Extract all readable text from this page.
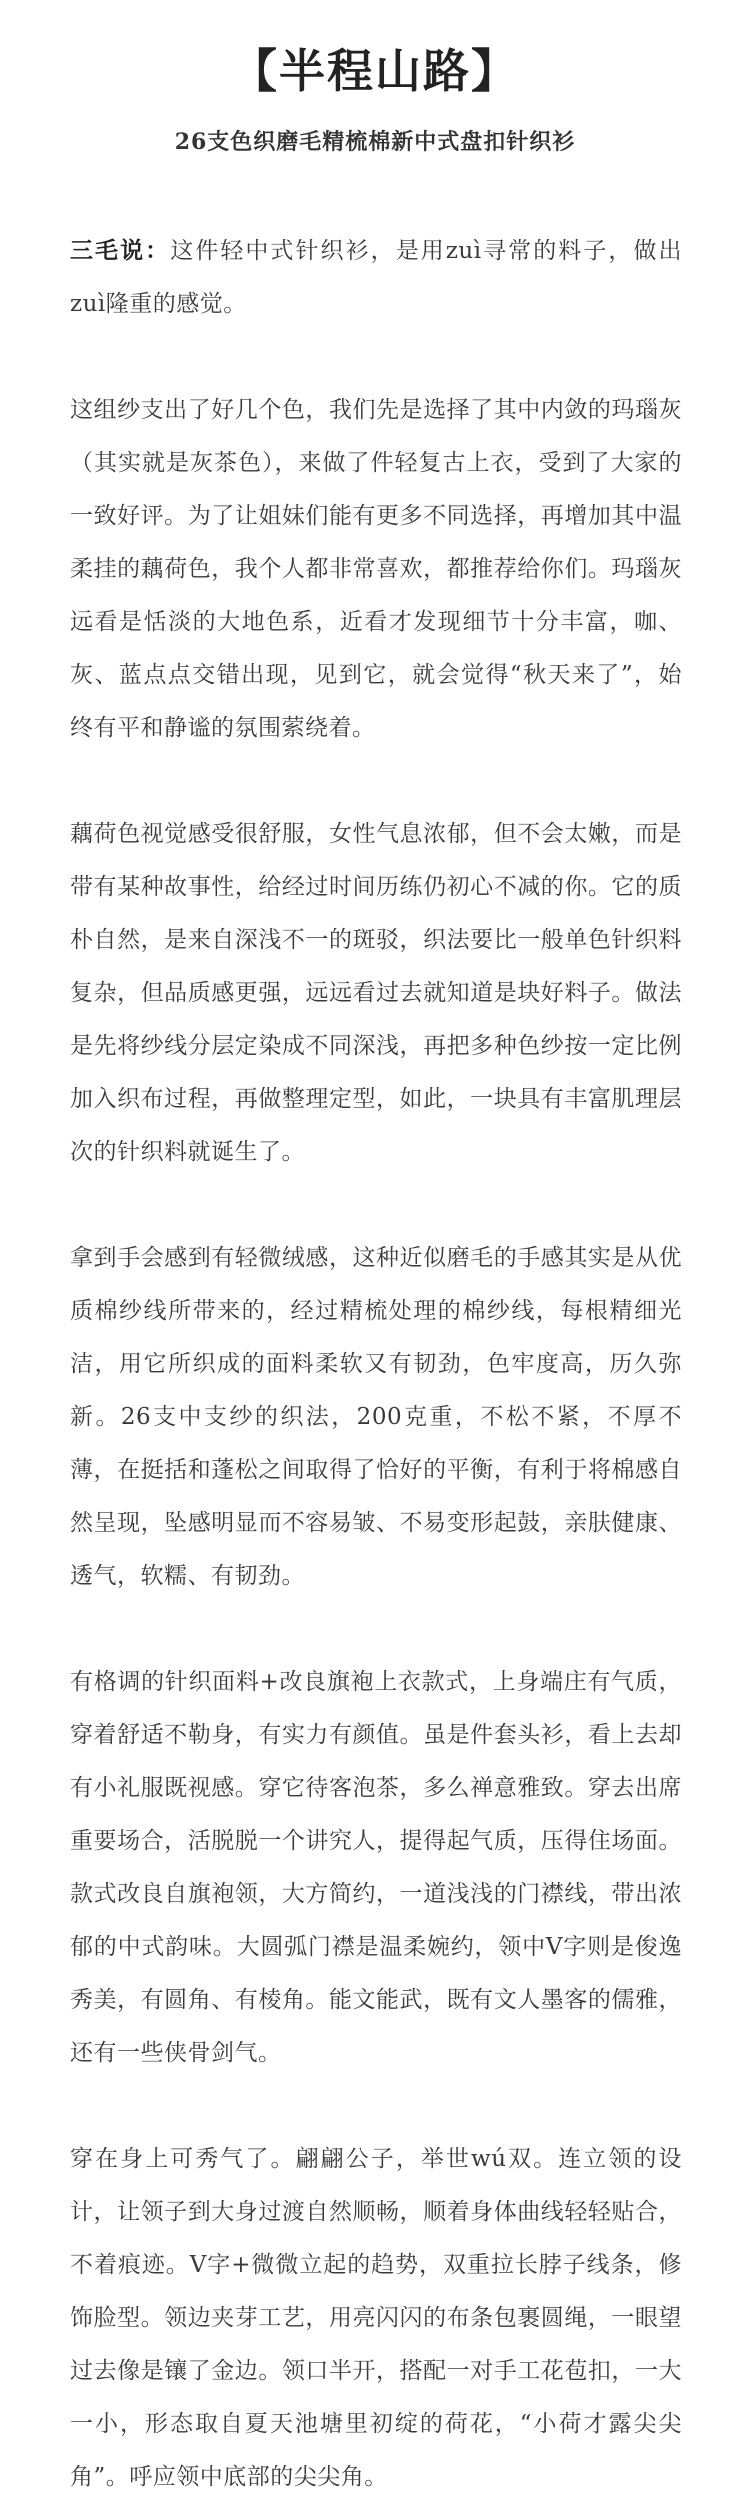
【半程山路】
26支色织磨毛精梳棉新中式盘扣针织衫

三毛说：这件轻中式针织衫，是用zuì寻常的料子，做出zuì隆重的感觉。

这组纱支出了好几个色，我们先是选择了其中内敛的玛瑙灰（其实就是灰茶色），来做了件轻复古上衣，受到了大家的一致好评。为了让姐妹们能有更多不同选择，再增加其中温柔挂的藕荷色，我个人都非常喜欢，都推荐给你们。玛瑙灰远看是恬淡的大地色系，近看才发现细节十分丰富，咖、灰、蓝点点交错出现，见到它，就会觉得“秋天来了”，始终有平和静谧的氛围萦绕着。

藕荷色视觉感受很舒服，女性气息浓郁，但不会太嫩，而是带有某种故事性，给经过时间历练仍初心不减的你。它的质朴自然，是来自深浅不一的斑驳，织法要比一般单色针织料复杂，但品质感更强，远远看过去就知道是块好料子。做法是先将纱线分层定染成不同深浅，再把多种色纱按一定比例加入织布过程，再做整理定型，如此，一块具有丰富肌理层次的针织料就诞生了。

拿到手会感到有轻微绒感，这种近似磨毛的手感其实是从优质棉纱线所带来的，经过精梳处理的棉纱线，每根精细光洁，用它所织成的面料柔软又有韧劲，色牢度高，历久弥新。26支中支纱的织法，200克重，不松不紧，不厚不薄，在挺括和蓬松之间取得了恰好的平衡，有利于将棉感自然呈现，坠感明显而不容易皱、不易变形起鼓，亲肤健康、透气，软糯、有韧劲。

有格调的针织面料+改良旗袍上衣款式，上身端庄有气质，穿着舒适不勒身，有实力有颜值。虽是件套头衫，看上去却有小礼服既视感。穿它待客泡茶，多么禅意雅致。穿去出席重要场合，活脱脱一个讲究人，提得起气质，压得住场面。款式改良自旗袍领，大方简约，一道浅浅的门襟线，带出浓郁的中式韵味。大圆弧门襟是温柔婉约，领中V字则是俊逸秀美，有圆角、有棱角。能文能武，既有文人墨客的儒雅，还有一些侠骨剑气。

穿在身上可秀气了。翩翩公子，举世wú双。连立领的设计，让领子到大身过渡自然顺畅，顺着身体曲线轻轻贴合，不着痕迹。V字+微微立起的趋势，双重拉长脖子线条，修饰脸型。领边夹芽工艺，用亮闪闪的布条包裹圆绳，一眼望过去像是镶了金边。领口半开，搭配一对手工花苞扣，一大一小，形态取自夏天池塘里初绽的荷花，“小荷才露尖尖角”。呼应领中底部的尖尖角。
